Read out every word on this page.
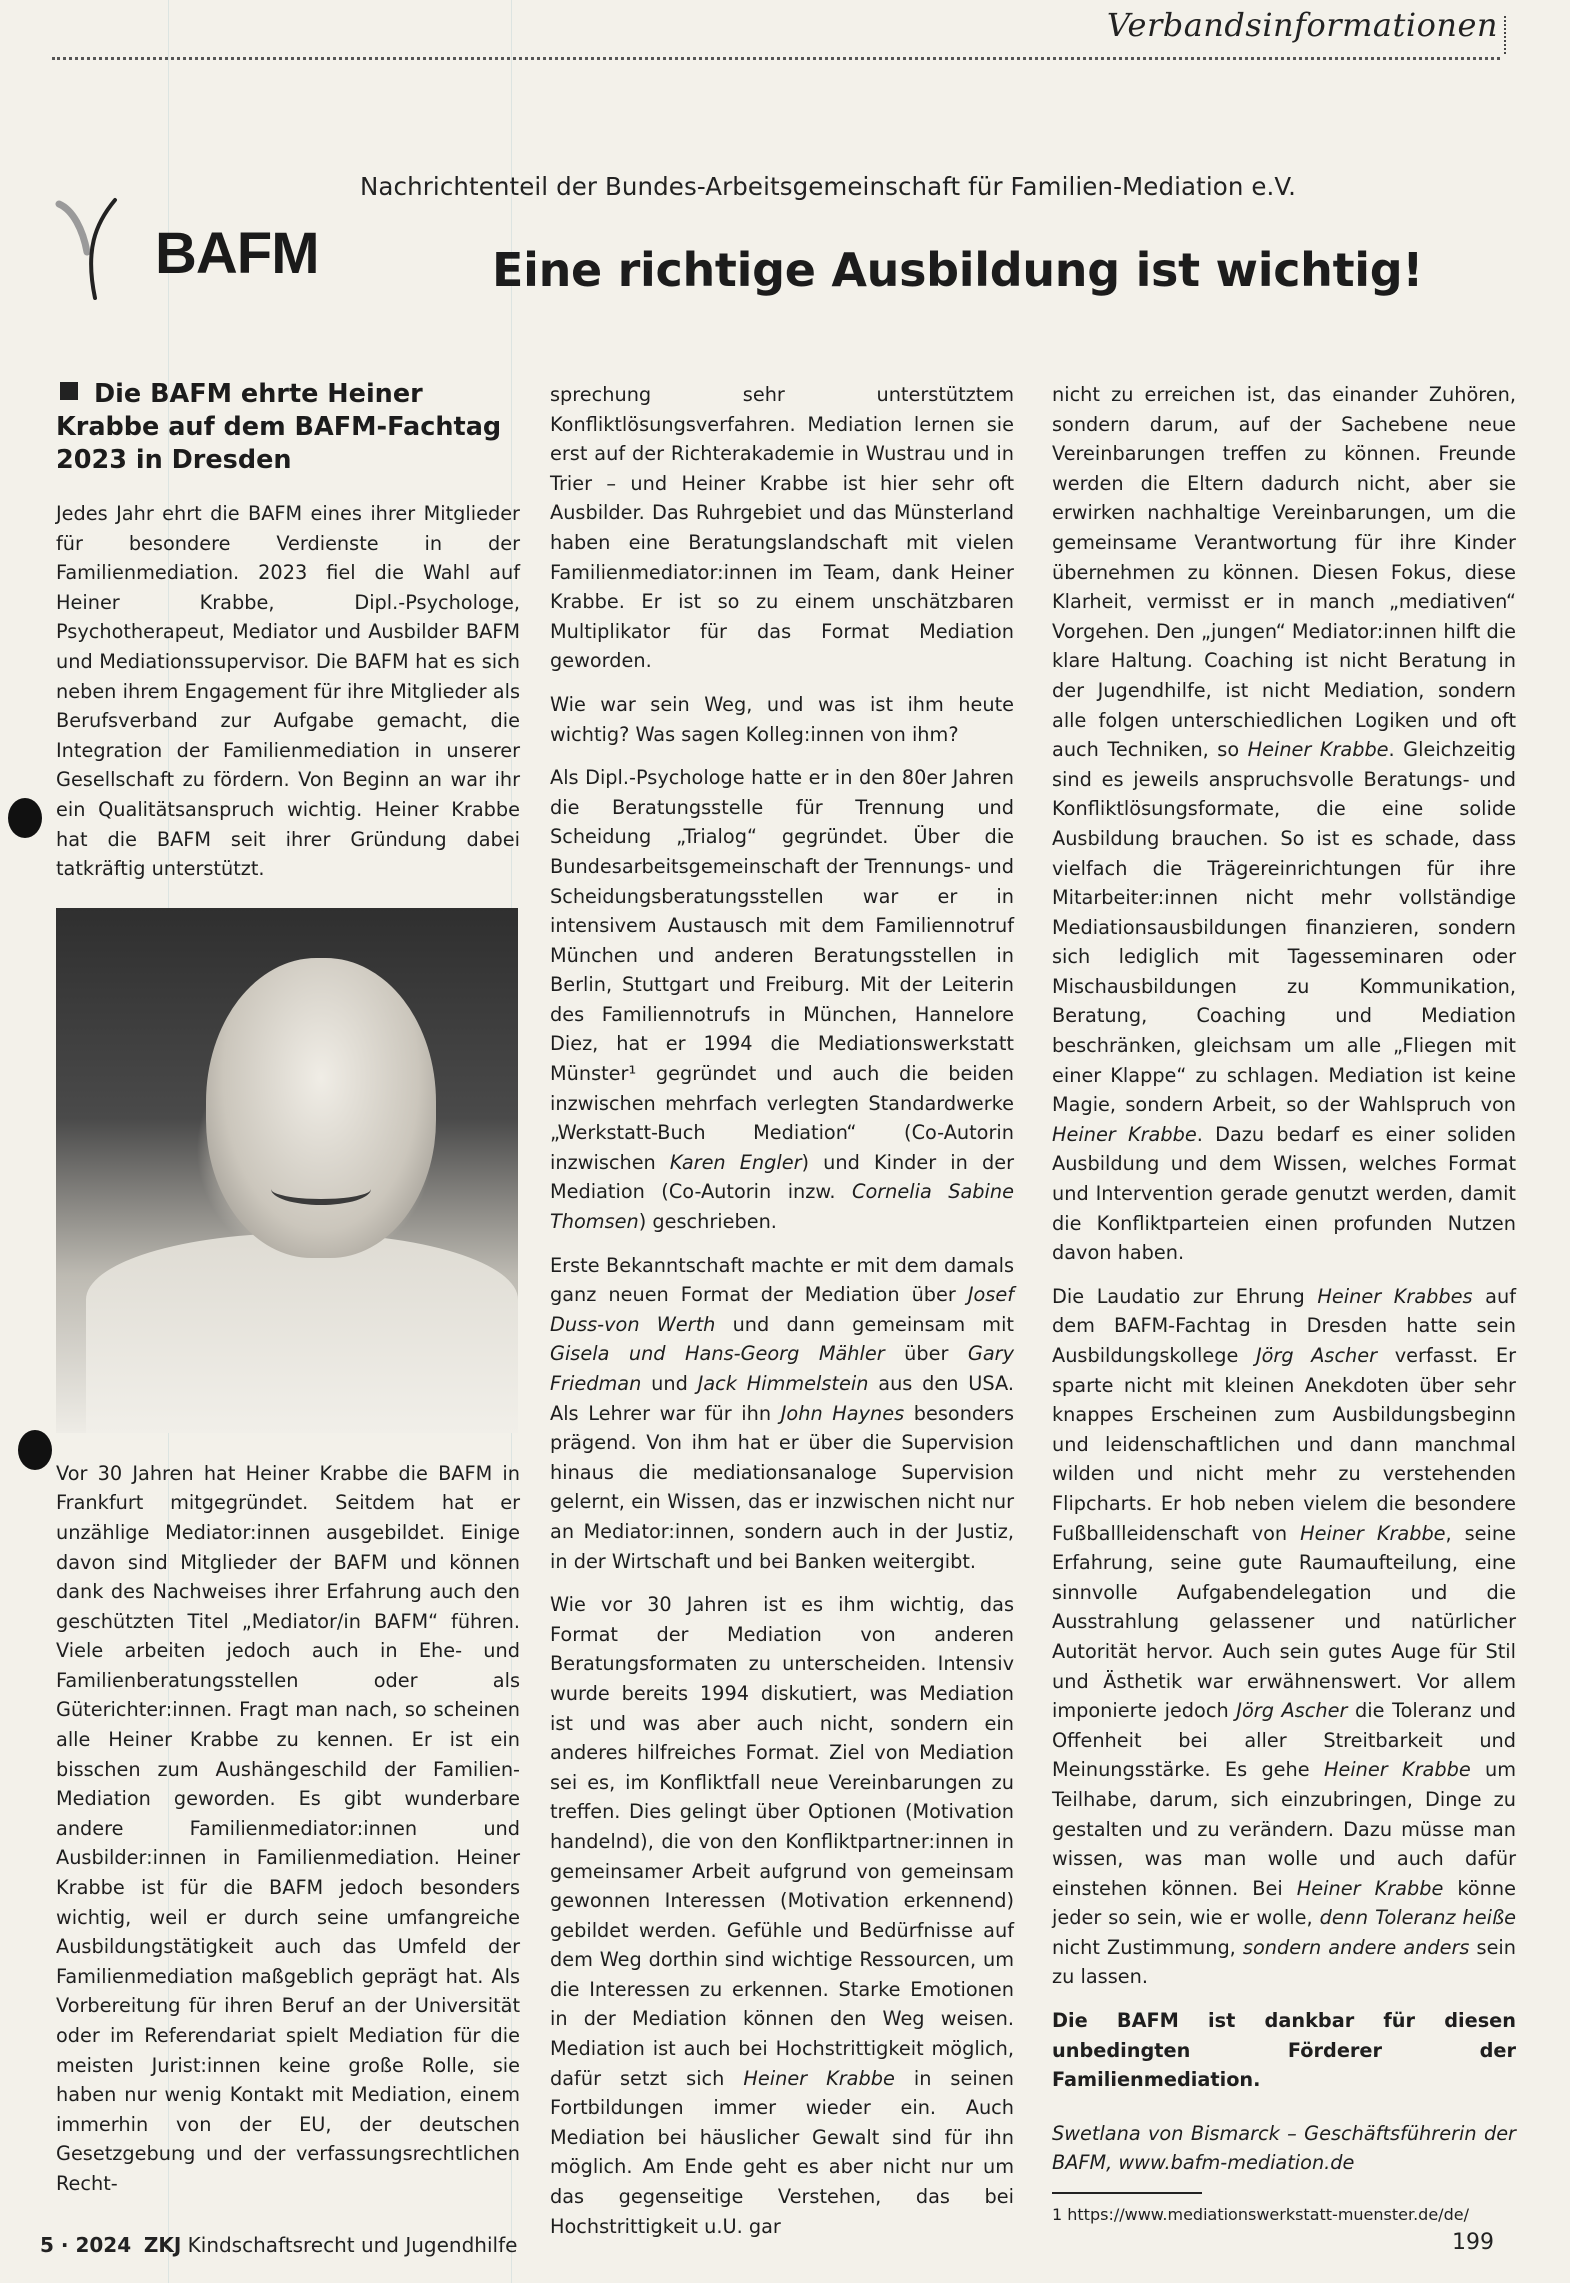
Verbandsinformationen
Nachrichtenteil der Bundes-Arbeitsgemeinschaft für Familien-Mediation e.V.
BAFM	Eine richtige Ausbildung ist wichtig!
Die BAFM ehrte Heiner Krabbe auf dem BAFM-Fachtag 2023 in Dresden

Jedes Jahr ehrt die BAFM eines ihrer Mitglieder für besondere Verdienste in der Familienmediation. 2023 fiel die Wahl auf Heiner Krabbe, Dipl.-Psychologe, Psychotherapeut, Mediator und Ausbilder BAFM und Mediationssupervisor. Die BAFM hat es sich neben ihrem Engagement für ihre Mitglieder als Berufsverband zur Aufgabe gemacht, die Integration der Familienmediation in unserer Gesellschaft zu fördern. Von Beginn an war ihr ein Qualitätsanspruch wichtig. Heiner Krabbe hat die BAFM seit ihrer Gründung dabei tatkräftig unterstützt.

Vor 30 Jahren hat Heiner Krabbe die BAFM in Frankfurt mitgegründet. Seitdem hat er unzählige Mediator:innen ausgebildet. Einige davon sind Mitglieder der BAFM und können dank des Nachweises ihrer Erfahrung auch den geschützten Titel „Mediator/in BAFM“ führen. Viele arbeiten jedoch auch in Ehe- und Familienberatungsstellen oder als Güterichter:innen. Fragt man nach, so scheinen alle Heiner Krabbe zu kennen. Er ist ein bisschen zum Aushängeschild der Familien-Mediation geworden. Es gibt wunderbare andere Familienmediator:innen und Ausbilder:innen in Familienmediation. Heiner Krabbe ist für die BAFM jedoch besonders wichtig, weil er durch seine umfangreiche Ausbildungstätigkeit auch das Umfeld der Familienmediation maßgeblich geprägt hat. Als Vorbereitung für ihren Beruf an der Universität oder im Referendariat spielt Mediation für die meisten Jurist:innen keine große Rolle, sie haben nur wenig Kontakt mit Mediation, einem immerhin von der EU, der deutschen Gesetzgebung und der verfassungsrechtlichen Recht-

sprechung sehr unterstütztem Konfliktlösungsverfahren. Mediation lernen sie erst auf der Richterakademie in Wustrau und in Trier – und Heiner Krabbe ist hier sehr oft Ausbilder. Das Ruhrgebiet und das Münsterland haben eine Beratungslandschaft mit vielen Familienmediator:innen im Team, dank Heiner Krabbe. Er ist so zu einem unschätzbaren Multiplikator für das Format Mediation geworden.

Wie war sein Weg, und was ist ihm heute wichtig? Was sagen Kolleg:innen von ihm?

Als Dipl.-Psychologe hatte er in den 80er Jahren die Beratungsstelle für Trennung und Scheidung „Trialog“ gegründet. Über die Bundesarbeitsgemeinschaft der Trennungs- und Scheidungsberatungsstellen war er in intensivem Austausch mit dem Familiennotruf München und anderen Beratungsstellen in Berlin, Stuttgart und Freiburg. Mit der Leiterin des Familiennotrufs in München, Hannelore Diez, hat er 1994 die Mediationswerkstatt Münster¹ gegründet und auch die beiden inzwischen mehrfach verlegten Standardwerke „Werkstatt-Buch Mediation“ (Co-Autorin inzwischen Karen Engler) und Kinder in der Mediation (Co-Autorin inzw. Cornelia Sabine Thomsen) geschrieben.

Erste Bekanntschaft machte er mit dem damals ganz neuen Format der Mediation über Josef Duss-von Werth und dann gemeinsam mit Gisela und Hans-Georg Mähler über Gary Friedman und Jack Himmelstein aus den USA. Als Lehrer war für ihn John Haynes besonders prägend. Von ihm hat er über die Supervision hinaus die mediationsanaloge Supervision gelernt, ein Wissen, das er inzwischen nicht nur an Mediator:innen, sondern auch in der Justiz, in der Wirtschaft und bei Banken weitergibt.

Wie vor 30 Jahren ist es ihm wichtig, das Format der Mediation von anderen Beratungsformaten zu unterscheiden. Intensiv wurde bereits 1994 diskutiert, was Mediation ist und was aber auch nicht, sondern ein anderes hilfreiches Format. Ziel von Mediation sei es, im Konfliktfall neue Vereinbarungen zu treffen. Dies gelingt über Optionen (Motivation handelnd), die von den Konfliktpartner:innen in gemeinsamer Arbeit aufgrund von gemeinsam gewonnen Interessen (Motivation erkennend) gebildet werden. Gefühle und Bedürfnisse auf dem Weg dorthin sind wichtige Ressourcen, um die Interessen zu erkennen. Starke Emotionen in der Mediation können den Weg weisen. Mediation ist auch bei Hochstrittigkeit möglich, dafür setzt sich Heiner Krabbe in seinen Fortbildungen immer wieder ein. Auch Mediation bei häuslicher Gewalt sind für ihn möglich. Am Ende geht es aber nicht nur um das gegenseitige Verstehen, das bei Hochstrittigkeit u.U. gar

nicht zu erreichen ist, das einander Zuhören, sondern darum, auf der Sachebene neue Vereinbarungen treffen zu können. Freunde werden die Eltern dadurch nicht, aber sie erwirken nachhaltige Vereinbarungen, um die gemeinsame Verantwortung für ihre Kinder übernehmen zu können. Diesen Fokus, diese Klarheit, vermisst er in manch „mediativen“ Vorgehen. Den „jungen“ Mediator:innen hilft die klare Haltung. Coaching ist nicht Beratung in der Jugendhilfe, ist nicht Mediation, sondern alle folgen unterschiedlichen Logiken und oft auch Techniken, so Heiner Krabbe. Gleichzeitig sind es jeweils anspruchsvolle Beratungs- und Konfliktlösungsformate, die eine solide Ausbildung brauchen. So ist es schade, dass vielfach die Trägereinrichtungen für ihre Mitarbeiter:innen nicht mehr vollständige Mediationsausbildungen finanzieren, sondern sich lediglich mit Tagesseminaren oder Mischausbildungen zu Kommunikation, Beratung, Coaching und Mediation beschränken, gleichsam um alle „Fliegen mit einer Klappe“ zu schlagen. Mediation ist keine Magie, sondern Arbeit, so der Wahlspruch von Heiner Krabbe. Dazu bedarf es einer soliden Ausbildung und dem Wissen, welches Format und Intervention gerade genutzt werden, damit die Konfliktparteien einen profunden Nutzen davon haben.

Die Laudatio zur Ehrung Heiner Krabbes auf dem BAFM-Fachtag in Dresden hatte sein Ausbildungskollege Jörg Ascher verfasst. Er sparte nicht mit kleinen Anekdoten über sehr knappes Erscheinen zum Ausbildungsbeginn und leidenschaftlichen und dann manchmal wilden und nicht mehr zu verstehenden Flipcharts. Er hob neben vielem die besondere Fußballleidenschaft von Heiner Krabbe, seine Erfahrung, seine gute Raumaufteilung, eine sinnvolle Aufgabendelegation und die Ausstrahlung gelassener und natürlicher Autorität hervor. Auch sein gutes Auge für Stil und Ästhetik war erwähnenswert. Vor allem imponierte jedoch Jörg Ascher die Toleranz und Offenheit bei aller Streitbarkeit und Meinungsstärke. Es gehe Heiner Krabbe um Teilhabe, darum, sich einzubringen, Dinge zu gestalten und zu verändern. Dazu müsse man wissen, was man wolle und auch dafür einstehen können. Bei Heiner Krabbe könne jeder so sein, wie er wolle, denn Toleranz heiße nicht Zustimmung, sondern andere anders sein zu lassen.

Die BAFM ist dankbar für diesen unbedingten Förderer der Familienmediation.

Swetlana von Bismarck – Geschäftsführerin der BAFM, www.bafm-mediation.de

1 https://www.mediationswerkstatt-muenster.de/de/

5 · 2024 ZKJ Kindschaftsrecht und Jugendhilfe	199
